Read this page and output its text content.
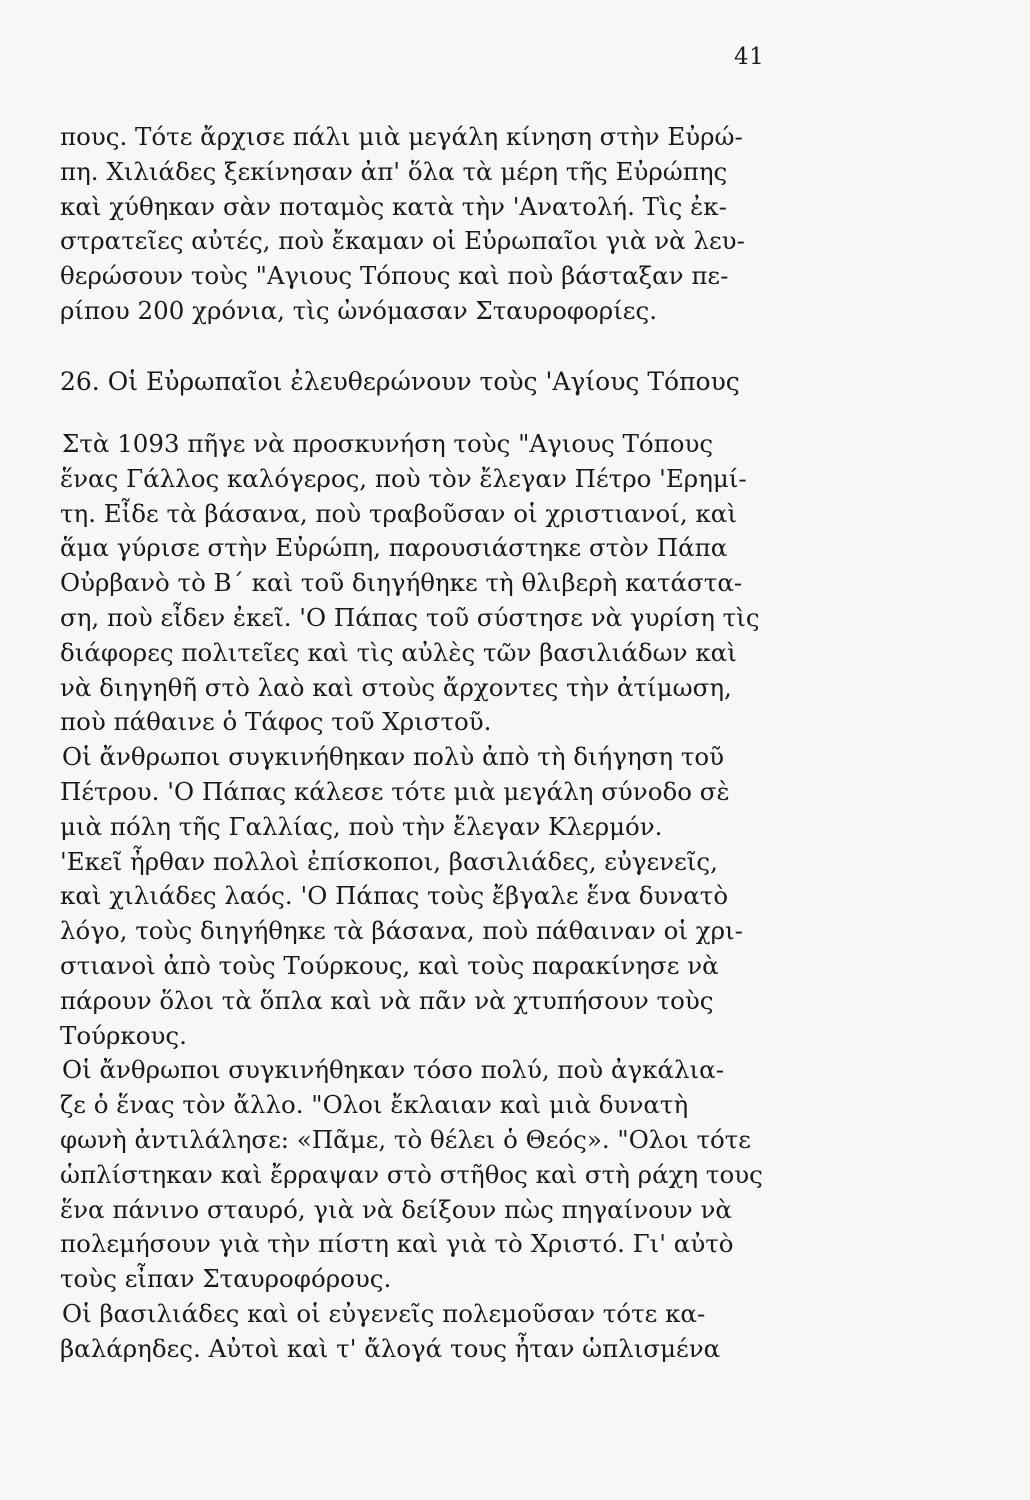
41
πους. Τότε ἄρχισε πάλι μιὰ μεγάλη κίνηση στὴν Εὐρώ-
πη. Χιλιάδες ξεκίνησαν ἀπ' ὅλα τὰ μέρη τῆς Εὐρώπης
καὶ χύθηκαν σὰν ποταμὸς κατὰ τὴν 'Ανατολή. Τὶς ἐκ-
στρατεῖες αὐτές, ποὺ ἔκαμαν οἱ Εὐρωπαῖοι γιὰ νὰ λευ-
θερώσουν τοὺς "Αγιους Τόπους καὶ ποὺ βάσταξαν πε-
ρίπου 200 χρόνια, τὶς ὠνόμασαν Σταυροφορίες.
26. Οἱ Εὐρωπαῖοι ἐλευθερώνουν τοὺς 'Αγίους Τόπους
Στὰ 1093 πῆγε νὰ προσκυνήση τοὺς "Αγιους Τόπους
ἕνας Γάλλος καλόγερος, ποὺ τὸν ἔλεγαν Πέτρο 'Ερημί-
τη. Εἶδε τὰ βάσανα, ποὺ τραβοῦσαν οἱ χριστιανοί, καὶ
ἅμα γύρισε στὴν Εὐρώπη, παρουσιάστηκε στὸν Πάπα
Οὐρβανὸ τὸ Β΄ καὶ τοῦ διηγήθηκε τὴ θλιβερὴ κατάστα-
ση, ποὺ εἶδεν ἐκεῖ. 'Ο Πάπας τοῦ σύστησε νὰ γυρίση τὶς
διάφορες πολιτεῖες καὶ τὶς αὐλὲς τῶν βασιλιάδων καὶ
νὰ διηγηθῆ στὸ λαὸ καὶ στοὺς ἄρχοντες τὴν ἀτίμωση,
ποὺ πάθαινε ὁ Τάφος τοῦ Χριστοῦ.
Οἱ ἄνθρωποι συγκινήθηκαν πολὺ ἀπὸ τὴ διήγηση τοῦ
Πέτρου. 'Ο Πάπας κάλεσε τότε μιὰ μεγάλη σύνοδο σὲ
μιὰ πόλη τῆς Γαλλίας, ποὺ τὴν ἔλεγαν Κλερμόν.
'Εκεῖ ἦρθαν πολλοὶ ἐπίσκοποι, βασιλιάδες, εὐγενεῖς,
καὶ χιλιάδες λαός. 'Ο Πάπας τοὺς ἔβγαλε ἕνα δυνατὸ
λόγο, τοὺς διηγήθηκε τὰ βάσανα, ποὺ πάθαιναν οἱ χρι-
στιανοὶ ἀπὸ τοὺς Τούρκους, καὶ τοὺς παρακίνησε νὰ
πάρουν ὅλοι τὰ ὅπλα καὶ νὰ πᾶν νὰ χτυπήσουν τοὺς
Τούρκους.
Οἱ ἄνθρωποι συγκινήθηκαν τόσο πολύ, ποὺ ἀγκάλια-
ζε ὁ ἕνας τὸν ἄλλο. "Ολοι ἔκλαιαν καὶ μιὰ δυνατὴ
φωνὴ ἀντιλάλησε: «Πᾶμε, τὸ θέλει ὁ Θεός». "Ολοι τότε
ὡπλίστηκαν καὶ ἔρραψαν στὸ στῆθος καὶ στὴ ράχη τους
ἕνα πάνινο σταυρό, γιὰ νὰ δείξουν πὼς πηγαίνουν νὰ
πολεμήσουν γιὰ τὴν πίστη καὶ γιὰ τὸ Χριστό. Γι' αὐτὸ
τοὺς εἶπαν Σταυροφόρους.
Οἱ βασιλιάδες καὶ οἱ εὐγενεῖς πολεμοῦσαν τότε κα-
βαλάρηδες. Αὐτοὶ καὶ τ' ἄλογά τους ἦταν ὡπλισμένα
